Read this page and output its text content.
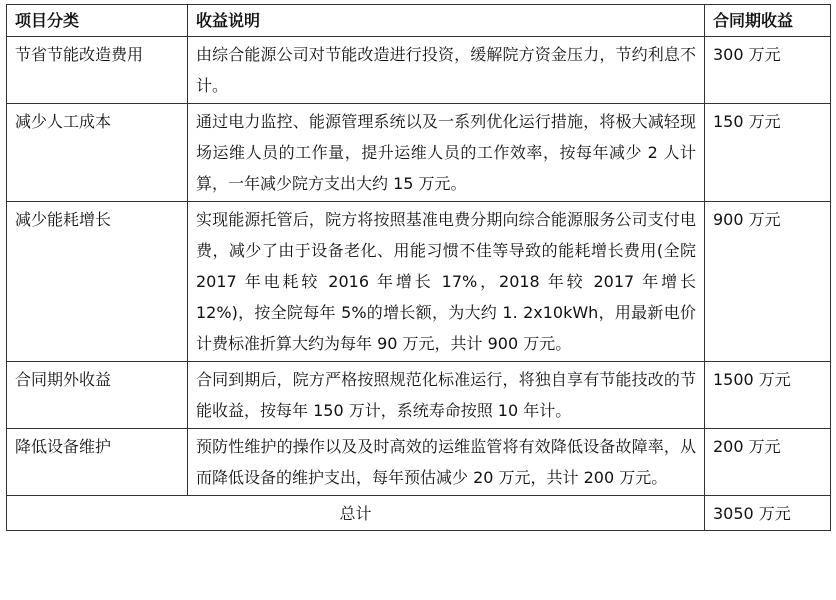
项目分类	收益说明	合同期收益
节省节能改造费用	由综合能源公司对节能改造进行投资，缓解院方资金压力，节约利息不计。	300 万元
减少人工成本	通过电力监控、能源管理系统以及一系列优化运行措施，将极大减轻现场运维人员的工作量，提升运维人员的工作效率，按每年减少 2 人计算，一年减少院方支出大约 15 万元。	150 万元
减少能耗增长	实现能源托管后，院方将按照基准电费分期向综合能源服务公司支付电费，减少了由于设备老化、用能习惯不佳等导致的能耗增长费用(全院 2017 年电耗较 2016 年增长 17%，2018 年较 2017 年增长 12%)，按全院每年 5%的增长额，为大约 1. 2x10kWh，用最新电价计费标准折算大约为每年 90 万元，共计 900 万元。	900 万元
合同期外收益	合同到期后，院方严格按照规范化标准运行，将独自享有节能技改的节能收益，按每年 150 万计，系统寿命按照 10 年计。	1500 万元
降低设备维护	预防性维护的操作以及及时高效的运维监管将有效降低设备故障率，从而降低设备的维护支出，每年预估减少 20 万元，共计 200 万元。	200 万元
总计		3050 万元
